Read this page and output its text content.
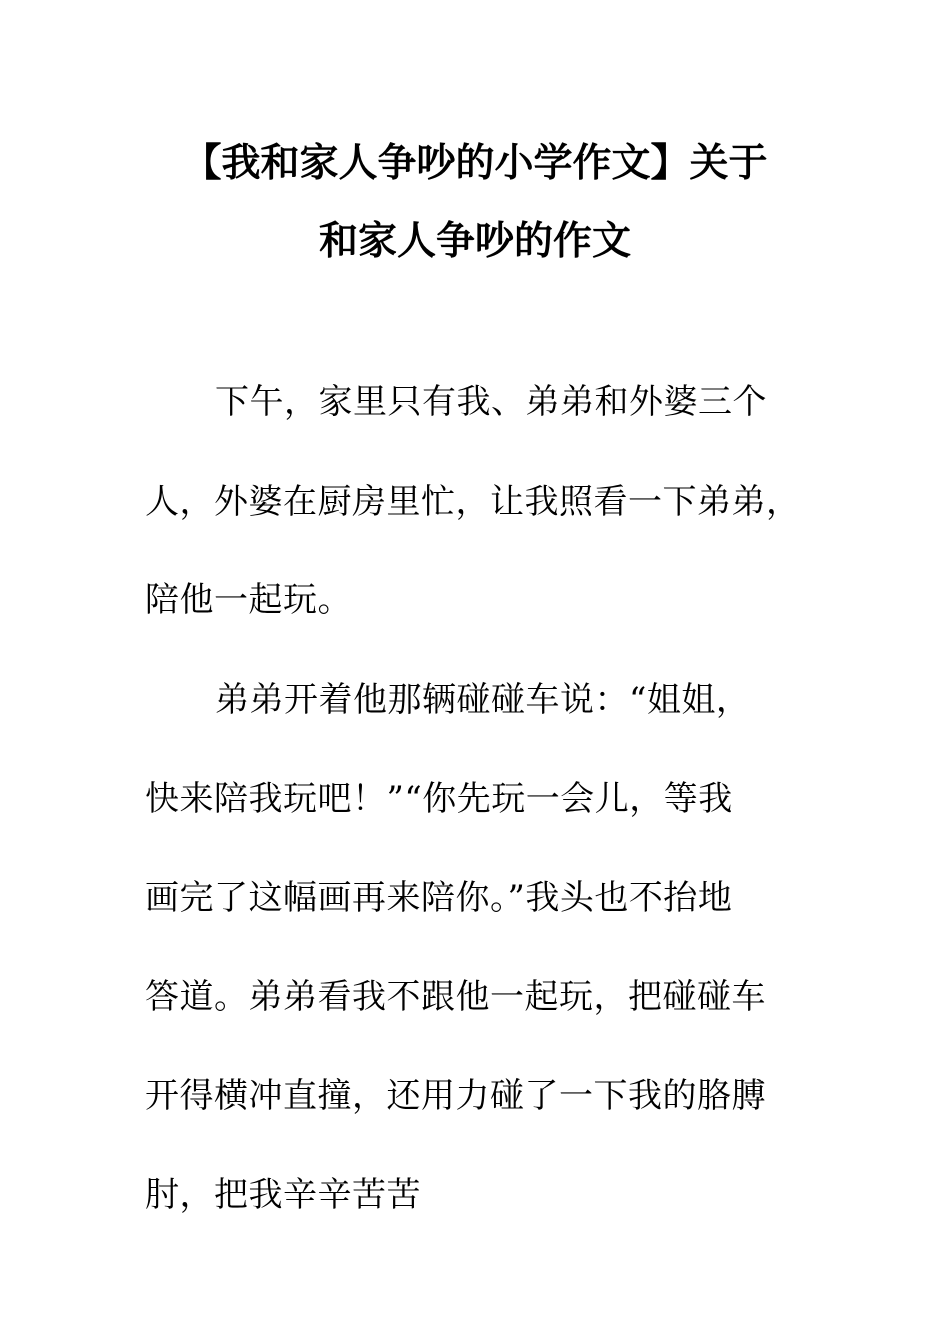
【我和家人争吵的小学作文】关于
和家人争吵的作文
下午，家里只有我、弟弟和外婆三个
人，外婆在厨房里忙，让我照看一下弟弟，
陪他一起玩。
弟弟开着他那辆碰碰车说：“姐姐，
快来陪我玩吧！”“你先玩一会儿，等我
画完了这幅画再来陪你。”我头也不抬地
答道。弟弟看我不跟他一起玩，把碰碰车
开得横冲直撞，还用力碰了一下我的胳膊
肘，把我辛辛苦苦
